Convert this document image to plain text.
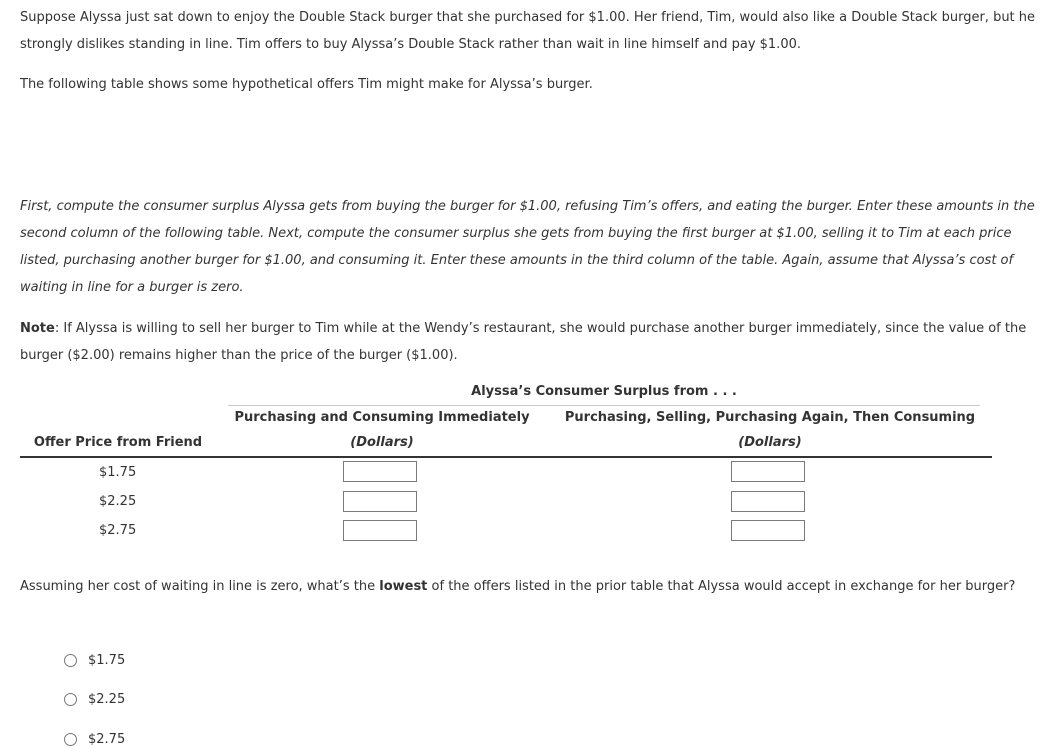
Suppose Alyssa just sat down to enjoy the Double Stack burger that she purchased for $1.00. Her friend, Tim, would also like a Double Stack burger, but he strongly dislikes standing in line. Tim offers to buy Alyssa’s Double Stack rather than wait in line himself and pay $1.00.

The following table shows some hypothetical offers Tim might make for Alyssa’s burger.

First, compute the consumer surplus Alyssa gets from buying the burger for $1.00, refusing Tim’s offers, and eating the burger. Enter these amounts in the second column of the following table. Next, compute the consumer surplus she gets from buying the first burger at $1.00, selling it to Tim at each price listed, purchasing another burger for $1.00, and consuming it. Enter these amounts in the third column of the table. Again, assume that Alyssa’s cost of waiting in line for a burger is zero.

Note: If Alyssa is willing to sell her burger to Tim while at the Wendy’s restaurant, she would purchase another burger immediately, since the value of the burger ($2.00) remains higher than the price of the burger ($1.00).

Alyssa’s Consumer Surplus from . . .
Purchasing and Consuming Immediately	Purchasing, Selling, Purchasing Again, Then Consuming
(Dollars)	(Dollars)
Offer Price from Friend
$1.75
$2.25
$2.75

Assuming her cost of waiting in line is zero, what’s the lowest of the offers listed in the prior table that Alyssa would accept in exchange for her burger?

$1.75
$2.25
$2.75
